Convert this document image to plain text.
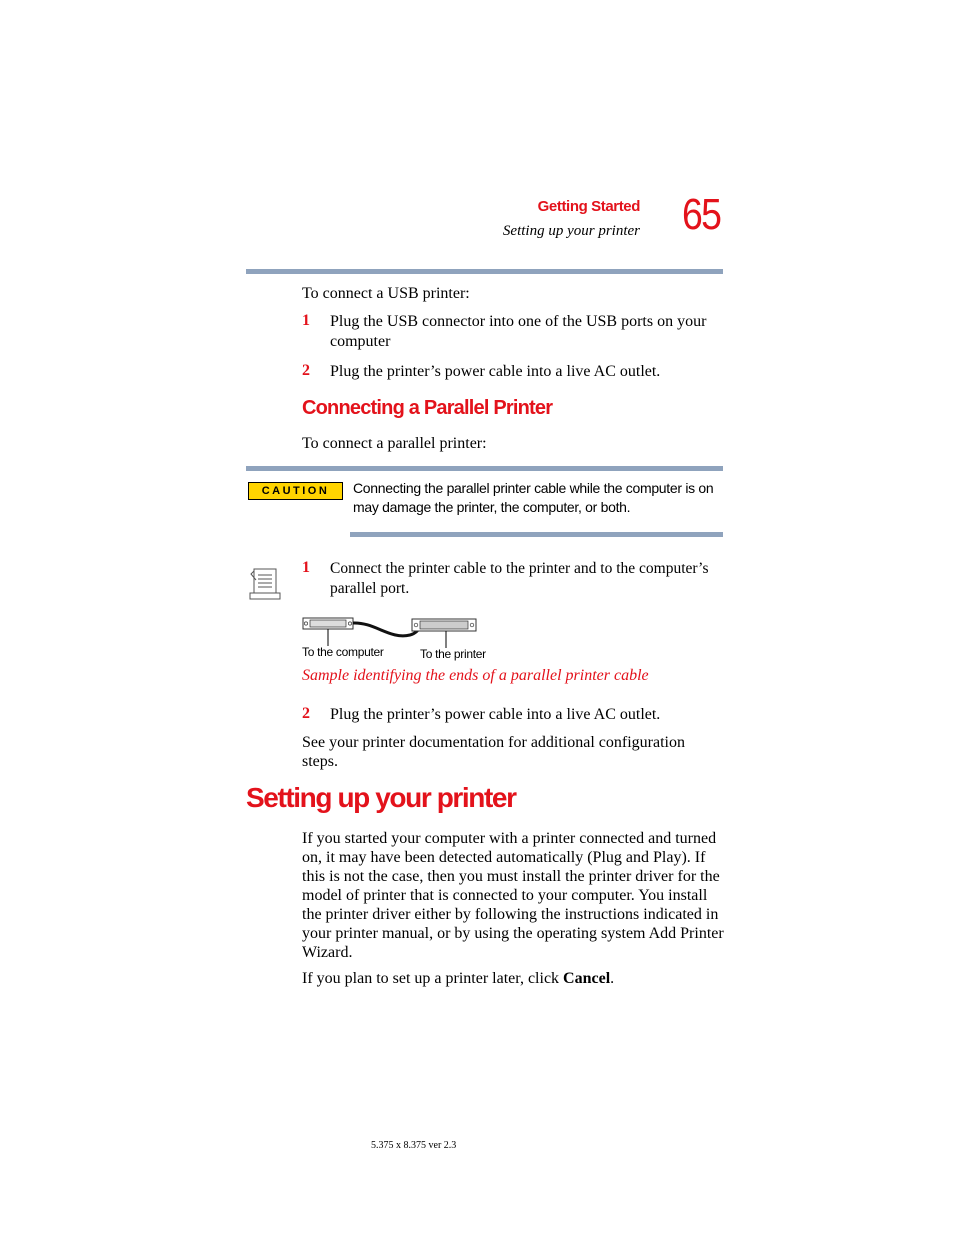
Getting Started
Setting up your printer 65
To connect a USB printer:
1 Plug the USB connector into one of the USB ports on your computer
2 Plug the printer’s power cable into a live AC outlet.
Connecting a Parallel Printer
To connect a parallel printer:
CAUTION	Connecting the parallel printer cable while the computer is on may damage the printer, the computer, or both.
1 Connect the printer cable to the printer and to the computer’s parallel port.
To the computer	To the printer
Sample identifying the ends of a parallel printer cable
2 Plug the printer’s power cable into a live AC outlet.
See your printer documentation for additional configuration steps.
Setting up your printer
If you started your computer with a printer connected and turned on, it may have been detected automatically (Plug and Play). If this is not the case, then you must install the printer driver for the model of printer that is connected to your computer. You install the printer driver either by following the instructions indicated in your printer manual, or by using the operating system Add Printer Wizard.
If you plan to set up a printer later, click Cancel.
5.375 x 8.375 ver 2.3
